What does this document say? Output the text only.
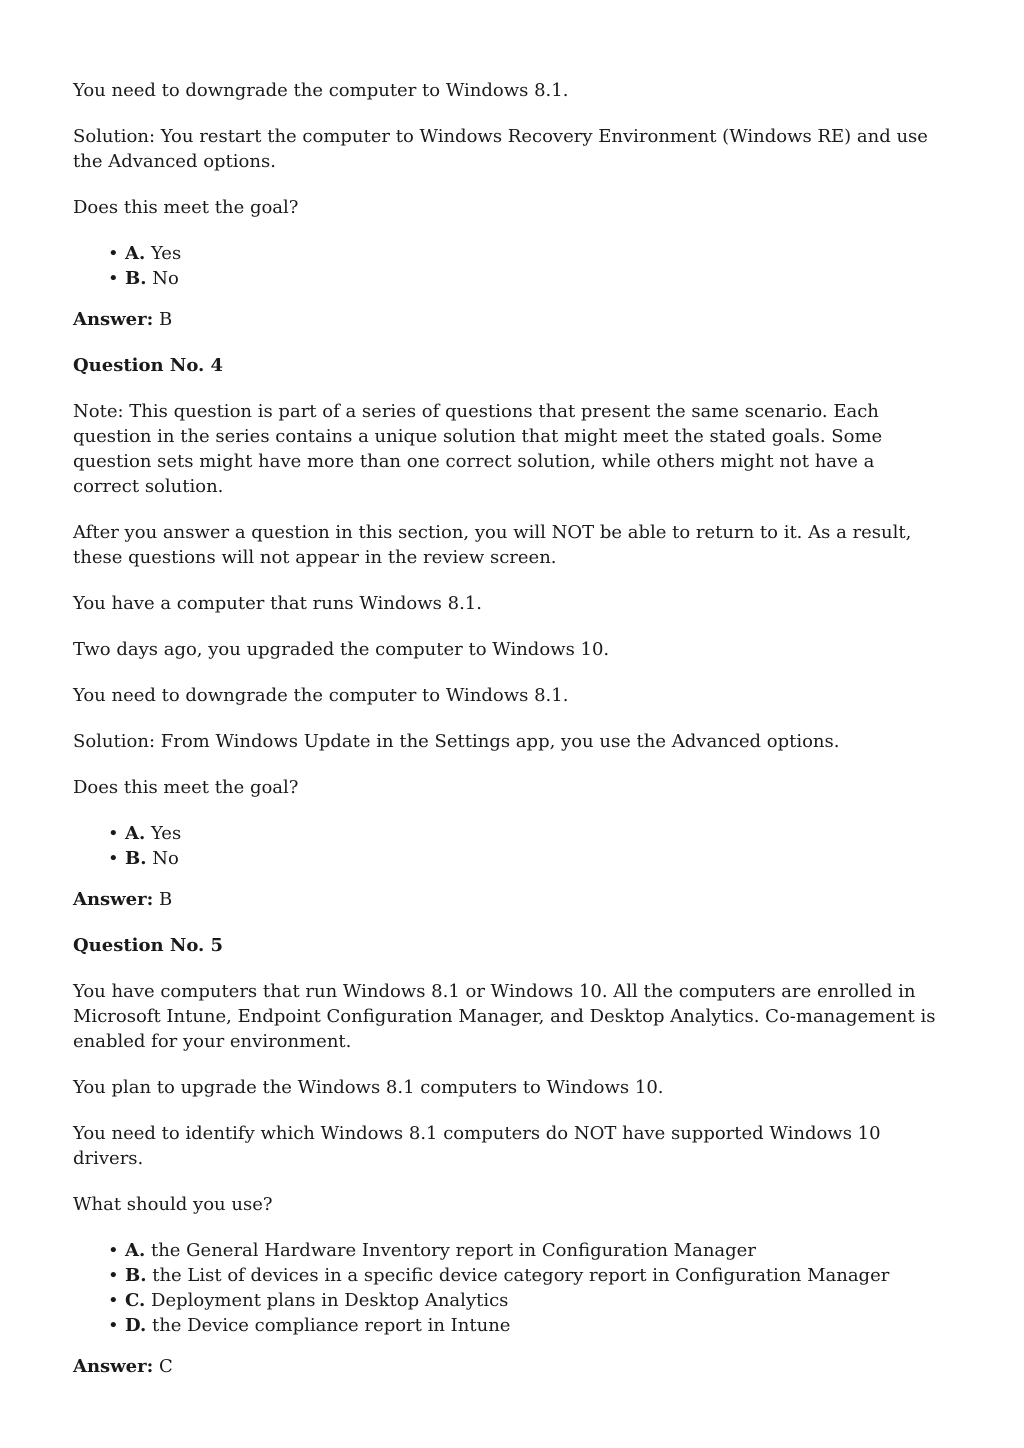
You need to downgrade the computer to Windows 8.1.

Solution: You restart the computer to Windows Recovery Environment (Windows RE) and use the Advanced options.

Does this meet the goal?

• A. Yes
• B. No

Answer: B

Question No. 4

Note: This question is part of a series of questions that present the same scenario. Each question in the series contains a unique solution that might meet the stated goals. Some question sets might have more than one correct solution, while others might not have a correct solution.

After you answer a question in this section, you will NOT be able to return to it. As a result, these questions will not appear in the review screen.

You have a computer that runs Windows 8.1.

Two days ago, you upgraded the computer to Windows 10.

You need to downgrade the computer to Windows 8.1.

Solution: From Windows Update in the Settings app, you use the Advanced options.

Does this meet the goal?

• A. Yes
• B. No

Answer: B

Question No. 5

You have computers that run Windows 8.1 or Windows 10. All the computers are enrolled in Microsoft Intune, Endpoint Configuration Manager, and Desktop Analytics. Co-management is enabled for your environment.

You plan to upgrade the Windows 8.1 computers to Windows 10.

You need to identify which Windows 8.1 computers do NOT have supported Windows 10 drivers.

What should you use?

• A. the General Hardware Inventory report in Configuration Manager
• B. the List of devices in a specific device category report in Configuration Manager
• C. Deployment plans in Desktop Analytics
• D. the Device compliance report in Intune

Answer: C
